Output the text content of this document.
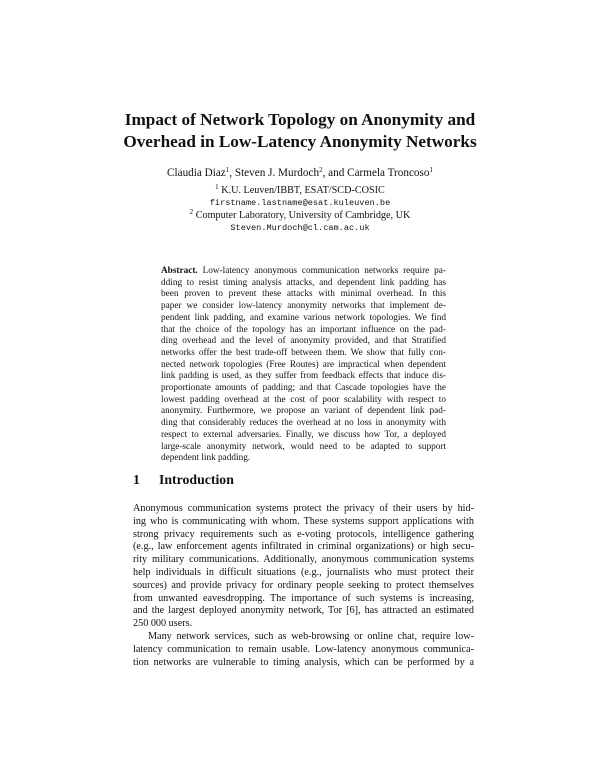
Impact of Network Topology on Anonymity and
Overhead in Low-Latency Anonymity Networks
Claudia Diaz$^1$, Steven J. Murdoch$^2$, and Carmela Troncoso$^1$
$^1$ K.U. Leuven/IBBT, ESAT/SCD-COSIC
firstname.lastname@esat.kuleuven.be
$^2$ Computer Laboratory, University of Cambridge, UK
Steven.Murdoch@cl.cam.ac.uk
Abstract. Low-latency anonymous communication networks require pa-
dding to resist timing analysis attacks, and dependent link padding has
been proven to prevent these attacks with minimal overhead. In this
paper we consider low-latency anonymity networks that implement de-
pendent link padding, and examine various network topologies. We find
that the choice of the topology has an important influence on the pad-
ding overhead and the level of anonymity provided, and that Stratified
networks offer the best trade-off between them. We show that fully con-
nected network topologies (Free Routes) are impractical when dependent
link padding is used, as they suffer from feedback effects that induce dis-
proportionate amounts of padding; and that Cascade topologies have the
lowest padding overhead at the cost of poor scalability with respect to
anonymity. Furthermore, we propose an variant of dependent link pad-
ding that considerably reduces the overhead at no loss in anonymity with
respect to external adversaries. Finally, we discuss how Tor, a deployed
large-scale anonymity network, would need to be adapted to support
dependent link padding.
1 Introduction
Anonymous communication systems protect the privacy of their users by hid-
ing who is communicating with whom. These systems support applications with
strong privacy requirements such as e-voting protocols, intelligence gathering
(e.g., law enforcement agents infiltrated in criminal organizations) or high secu-
rity military communications. Additionally, anonymous communication systems
help individuals in difficult situations (e.g., journalists who must protect their
sources) and provide privacy for ordinary people seeking to protect themselves
from unwanted eavesdropping. The importance of such systems is increasing,
and the largest deployed anonymity network, Tor [6], has attracted an estimated
250 000 users.
Many network services, such as web-browsing or online chat, require low-
latency communication to remain usable. Low-latency anonymous communica-
tion networks are vulnerable to timing analysis, which can be performed by a
